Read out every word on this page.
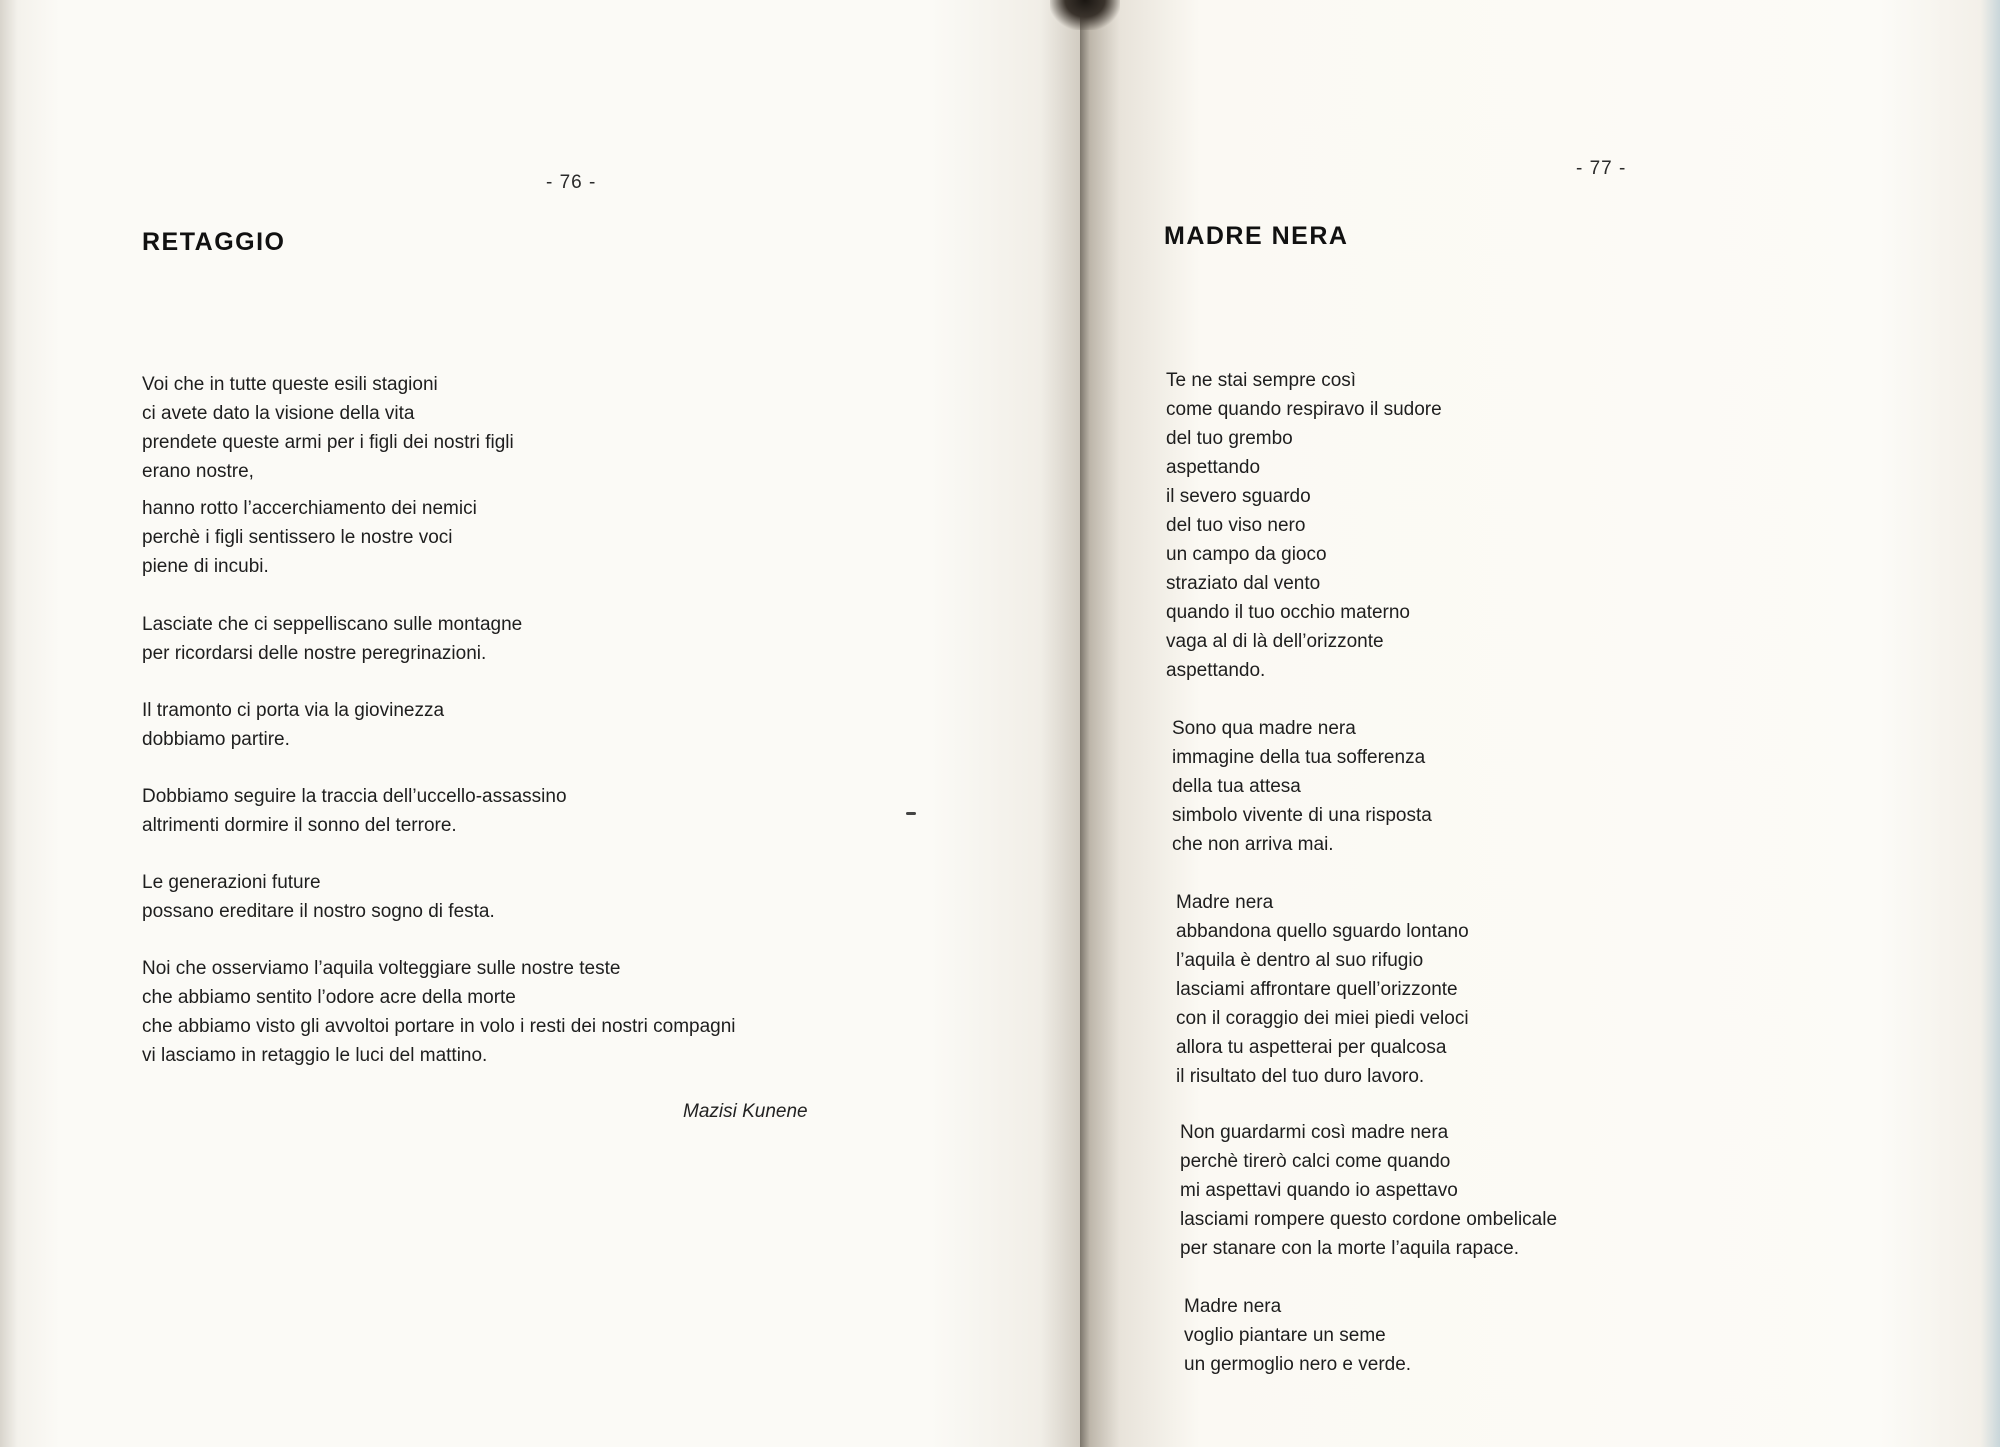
- 76 -
RETAGGIO
Voi che in tutte queste esili stagioni
ci avete dato la visione della vita
prendete queste armi per i figli dei nostri figli
erano nostre,
hanno rotto l’accerchiamento dei nemici
perchè i figli sentissero le nostre voci
piene di incubi.
Lasciate che ci seppelliscano sulle montagne
per ricordarsi delle nostre peregrinazioni.
Il tramonto ci porta via la giovinezza
dobbiamo partire.
Dobbiamo seguire la traccia dell’uccello-assassino
altrimenti dormire il sonno del terrore.
Le generazioni future
possano ereditare il nostro sogno di festa.
Noi che osserviamo l’aquila volteggiare sulle nostre teste
che abbiamo sentito l’odore acre della morte
che abbiamo visto gli avvoltoi portare in volo i resti dei nostri compagni
vi lasciamo in retaggio le luci del mattino.
Mazisi Kunene
- 77 -
MADRE NERA
Te ne stai sempre così
come quando respiravo il sudore
del tuo grembo
aspettando
il severo sguardo
del tuo viso nero
un campo da gioco
straziato dal vento
quando il tuo occhio materno
vaga al di là dell’orizzonte
aspettando.
Sono qua madre nera
immagine della tua sofferenza
della tua attesa
simbolo vivente di una risposta
che non arriva mai.
Madre nera
abbandona quello sguardo lontano
l’aquila è dentro al suo rifugio
lasciami affrontare quell’orizzonte
con il coraggio dei miei piedi veloci
allora tu aspetterai per qualcosa
il risultato del tuo duro lavoro.
Non guardarmi così madre nera
perchè tirerò calci come quando
mi aspettavi quando io aspettavo
lasciami rompere questo cordone ombelicale
per stanare con la morte l’aquila rapace.
Madre nera
voglio piantare un seme
un germoglio nero e verde.
